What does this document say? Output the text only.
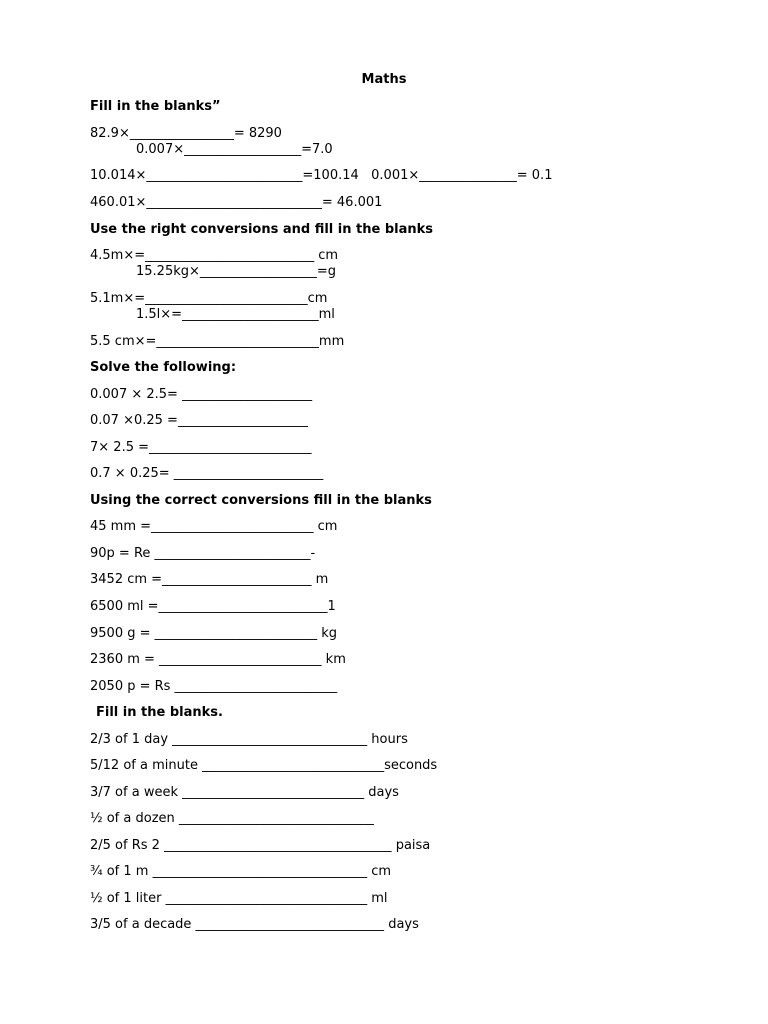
Maths
Fill in the blanks”
82.9×________________= 8290
0.007×__________________=7.0
10.014×________________________=100.14   0.001×_______________= 0.1
460.01×___________________________= 46.001
Use the right conversions and fill in the blanks
4.5m×=__________________________ cm
15.25kg×__________________=g
5.1m×=_________________________cm
1.5l×=_____________________ml
5.5 cm×=_________________________mm
Solve the following:
0.007 × 2.5= ____________________
0.07 ×0.25 =____________________
7× 2.5 =_________________________
0.7 × 0.25= _______________________
Using the correct conversions fill in the blanks
45 mm =_________________________ cm
90p = Re ________________________-
3452 cm =_______________________ m
6500 ml =__________________________1
9500 g = _________________________ kg
2360 m = _________________________ km
2050 p = Rs _________________________
Fill in the blanks.
2/3 of 1 day ______________________________ hours
5/12 of a minute ____________________________seconds
3/7 of a week ____________________________ days
½ of a dozen ______________________________
2/5 of Rs 2 ___________________________________ paisa
¾ of 1 m _________________________________ cm
½ of 1 liter _______________________________ ml
3/5 of a decade _____________________________ days
